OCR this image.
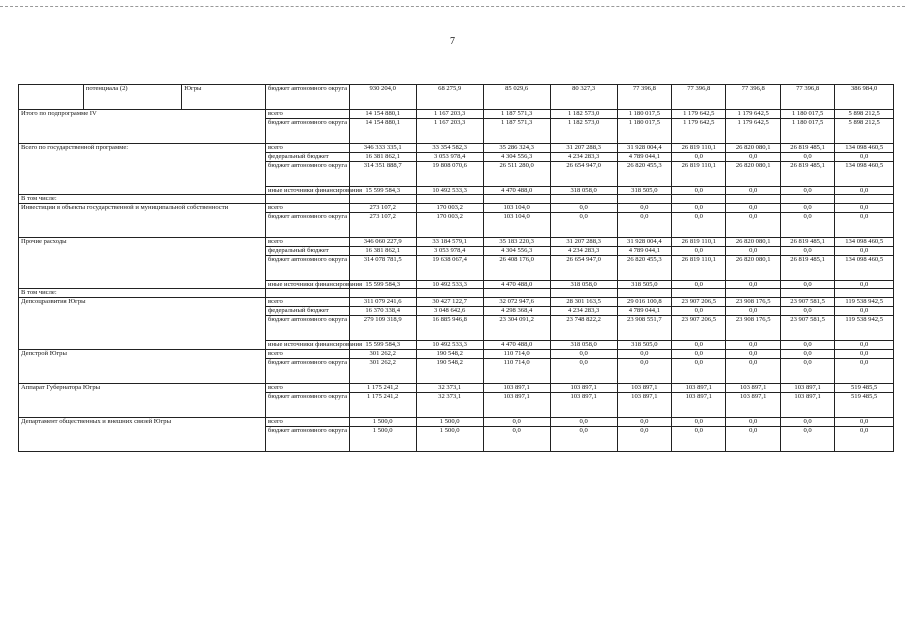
7
	потенциала (2)	Югры	бюджет автономного округа	930 204,0	68 275,9	85 029,6	80 327,3	77 396,8	77 396,8	77 396,8	77 396,8	386 984,0
Итого по подпрограмме IV			всего	14 154 880,1	1 167 203,3	1 187 571,3	1 182 573,0	1 180 017,5	1 179 642,5	1 179 642,5	1 180 017,5	5 898 212,5
			бюджет автономного округа	14 154 880,1	1 167 203,3	1 187 571,3	1 182 573,0	1 180 017,5	1 179 642,5	1 179 642,5	1 180 017,5	5 898 212,5
Всего по государственной программе:			всего	346 333 335,1	33 354 582,3	35 286 324,3	31 207 288,3	31 928 004,4	26 819 110,1	26 820 080,1	26 819 485,1	134 098 460,5
			федеральный бюджет	16 381 862,1	3 053 978,4	4 304 556,3	4 234 283,3	4 789 044,1	0,0	0,0	0,0	0,0
			бюджет автономного округа	314 351 888,7	19 808 070,6	26 511 280,0	26 654 947,0	26 820 455,3	26 819 110,1	26 820 080,1	26 819 485,1	134 098 460,5
			иные источники финансирования	15 599 584,3	10 492 533,3	4 470 488,0	318 058,0	318 505,0	0,0	0,0	0,0	0,0
В том числе:												
Инвестиции в объекты государственной и муниципальной собственности			всего	273 107,2	170 003,2	103 104,0	0,0	0,0	0,0	0,0	0,0	0,0
			бюджет автономного округа	273 107,2	170 003,2	103 104,0	0,0	0,0	0,0	0,0	0,0	0,0
Прочие расходы			всего	346 060 227,9	33 184 579,1	35 183 220,3	31 207 288,3	31 928 004,4	26 819 110,1	26 820 080,1	26 819 485,1	134 098 460,5
			федеральный бюджет	16 381 862,1	3 053 978,4	4 304 556,3	4 234 283,3	4 789 044,1	0,0	0,0	0,0	0,0
			бюджет автономного округа	314 078 781,5	19 638 067,4	26 408 176,0	26 654 947,0	26 820 455,3	26 819 110,1	26 820 080,1	26 819 485,1	134 098 460,5
			иные источники финансирования	15 599 584,3	10 492 533,3	4 470 488,0	318 058,0	318 505,0	0,0	0,0	0,0	0,0
В том числе:												
Депсоцразвития Югры			всего	311 079 241,6	30 427 122,7	32 072 947,6	28 301 163,5	29 016 100,8	23 907 206,5	23 908 176,5	23 907 581,5	119 538 942,5
			федеральный бюджет	16 370 338,4	3 048 642,6	4 298 368,4	4 234 283,3	4 789 044,1	0,0	0,0	0,0	0,0
			бюджет автономного округа	279 109 318,9	16 885 946,8	23 304 091,2	23 748 822,2	23 908 551,7	23 907 206,5	23 908 176,5	23 907 581,5	119 538 942,5
			иные источники финансирования	15 599 584,3	10 492 533,3	4 470 488,0	318 058,0	318 505,0	0,0	0,0	0,0	0,0
Депстрой Югры			всего	301 262,2	190 548,2	110 714,0	0,0	0,0	0,0	0,0	0,0	0,0
			бюджет автономного округа	301 262,2	190 548,2	110 714,0	0,0	0,0	0,0	0,0	0,0	0,0
Аппарат Губернатора Югры			всего	1 175 241,2	32 373,1	103 897,1	103 897,1	103 897,1	103 897,1	103 897,1	103 897,1	519 485,5
			бюджет автономного округа	1 175 241,2	32 373,1	103 897,1	103 897,1	103 897,1	103 897,1	103 897,1	103 897,1	519 485,5
Департамент общественных и внешних связей Югры			всего	1 500,0	1 500,0	0,0	0,0	0,0	0,0	0,0	0,0	0,0
			бюджет автономного округа	1 500,0	1 500,0	0,0	0,0	0,0	0,0	0,0	0,0	0,0
